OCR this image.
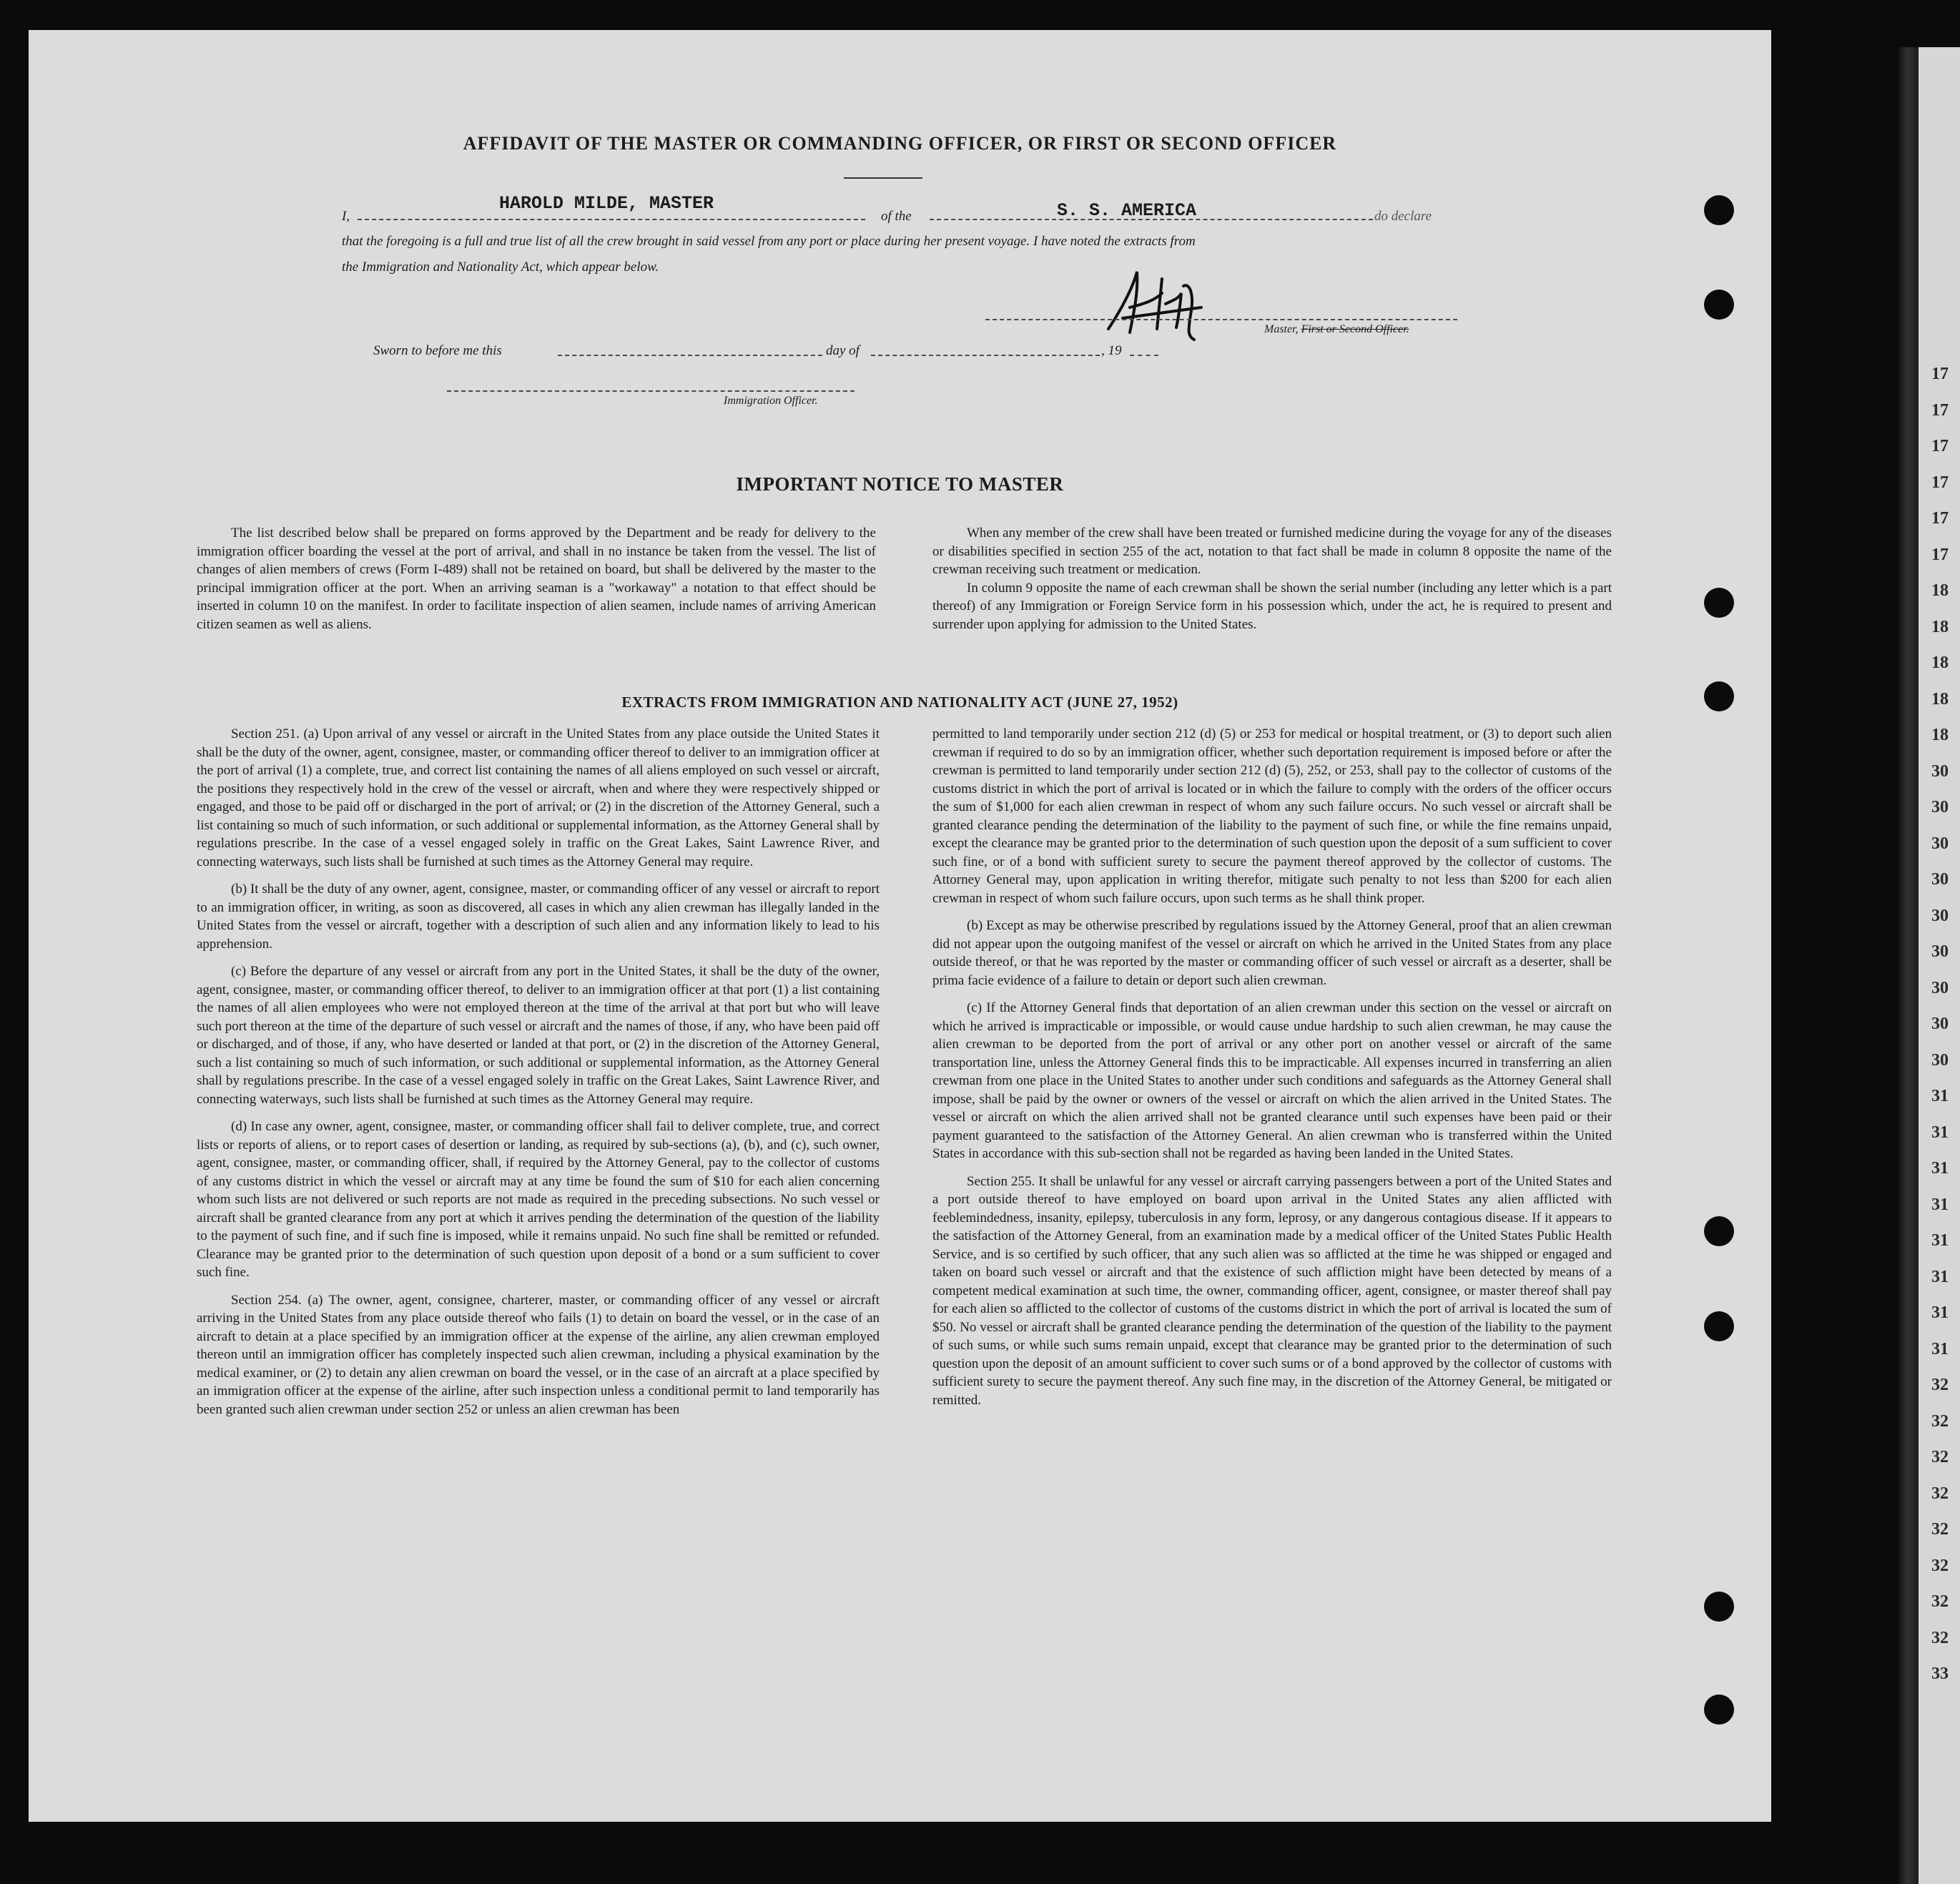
17
17
17
17
17
17
18
18
18
18
18
30
30
30
30
30
30
30
30
30
31
31
31
31
31
31
31
31
32
32
32
32
32
32
32
32
33
AFFIDAVIT OF THE MASTER OR COMMANDING OFFICER, OR FIRST OR SECOND OFFICER
I,
HAROLD MILDE, MASTER
of the	S. S. AMERICA	do declare
that the foregoing is a full and true list of all the crew brought in said vessel from any port or place during her present voyage. I have noted the extracts from
the Immigration and Nationality Act, which appear below.
Master, First or Second Officer.
Sworn to before me this	day of	, 19
Immigration Officer.
IMPORTANT NOTICE TO MASTER

The list described below shall be prepared on forms approved by the Department and be ready for delivery to the immigration officer boarding the vessel at the port of arrival, and shall in no instance be taken from the vessel. The list of changes of alien members of crews (Form I-489) shall not be retained on board, but shall be delivered by the master to the principal immigration officer at the port. When an arriving seaman is a "workaway" a notation to that effect should be inserted in column 10 on the manifest. In order to facilitate inspection of alien seamen, include names of arriving American citizen seamen as well as aliens.

When any member of the crew shall have been treated or furnished medicine during the voyage for any of the diseases or disabilities specified in section 255 of the act, notation to that fact shall be made in column 8 opposite the name of the crewman receiving such treatment or medication.

In column 9 opposite the name of each crewman shall be shown the serial number (including any letter which is a part thereof) of any Immigration or Foreign Service form in his possession which, under the act, he is required to present and surrender upon applying for admission to the United States.

EXTRACTS FROM IMMIGRATION AND NATIONALITY ACT (JUNE 27, 1952)

Section 251. (a) Upon arrival of any vessel or aircraft in the United States from any place outside the United States it shall be the duty of the owner, agent, consignee, master, or commanding officer thereof to deliver to an immigration officer at the port of arrival (1) a complete, true, and correct list containing the names of all aliens employed on such vessel or aircraft, the positions they respectively hold in the crew of the vessel or aircraft, when and where they were respectively shipped or engaged, and those to be paid off or discharged in the port of arrival; or (2) in the discretion of the Attorney General, such a list containing so much of such information, or such additional or supplemental information, as the Attorney General shall by regulations prescribe. In the case of a vessel engaged solely in traffic on the Great Lakes, Saint Lawrence River, and connecting waterways, such lists shall be furnished at such times as the Attorney General may require.

(b) It shall be the duty of any owner, agent, consignee, master, or commanding officer of any vessel or aircraft to report to an immigration officer, in writing, as soon as discovered, all cases in which any alien crewman has illegally landed in the United States from the vessel or aircraft, together with a description of such alien and any information likely to lead to his apprehension.

(c) Before the departure of any vessel or aircraft from any port in the United States, it shall be the duty of the owner, agent, consignee, master, or commanding officer thereof, to deliver to an immigration officer at that port (1) a list containing the names of all alien employees who were not employed thereon at the time of the arrival at that port but who will leave such port thereon at the time of the departure of such vessel or aircraft and the names of those, if any, who have been paid off or discharged, and of those, if any, who have deserted or landed at that port, or (2) in the discretion of the Attorney General, such a list containing so much of such information, or such additional or supplemental information, as the Attorney General shall by regulations prescribe. In the case of a vessel engaged solely in traffic on the Great Lakes, Saint Lawrence River, and connecting waterways, such lists shall be furnished at such times as the Attorney General may require.

(d) In case any owner, agent, consignee, master, or commanding officer shall fail to deliver complete, true, and correct lists or reports of aliens, or to report cases of desertion or landing, as required by sub-sections (a), (b), and (c), such owner, agent, consignee, master, or commanding officer, shall, if required by the Attorney General, pay to the collector of customs of any customs district in which the vessel or aircraft may at any time be found the sum of $10 for each alien concerning whom such lists are not delivered or such reports are not made as required in the preceding subsections. No such vessel or aircraft shall be granted clearance from any port at which it arrives pending the determination of the question of the liability to the payment of such fine, and if such fine is imposed, while it remains unpaid. No such fine shall be remitted or refunded. Clearance may be granted prior to the determination of such question upon deposit of a bond or a sum sufficient to cover such fine.

Section 254. (a) The owner, agent, consignee, charterer, master, or commanding officer of any vessel or aircraft arriving in the United States from any place outside thereof who fails (1) to detain on board the vessel, or in the case of an aircraft to detain at a place specified by an immigration officer at the expense of the airline, any alien crewman employed thereon until an immigration officer has completely inspected such alien crewman, including a physical examination by the medical examiner, or (2) to detain any alien crewman on board the vessel, or in the case of an aircraft at a place specified by an immigration officer at the expense of the airline, after such inspection unless a conditional permit to land temporarily has been granted such alien crewman under section 252 or unless an alien crewman has been

permitted to land temporarily under section 212 (d) (5) or 253 for medical or hospital treatment, or (3) to deport such alien crewman if required to do so by an immigration officer, whether such deportation requirement is imposed before or after the crewman is permitted to land temporarily under section 212 (d) (5), 252, or 253, shall pay to the collector of customs of the customs district in which the port of arrival is located or in which the failure to comply with the orders of the officer occurs the sum of $1,000 for each alien crewman in respect of whom any such failure occurs. No such vessel or aircraft shall be granted clearance pending the determination of the liability to the payment of such fine, or while the fine remains unpaid, except the clearance may be granted prior to the determination of such question upon the deposit of a sum sufficient to cover such fine, or of a bond with sufficient surety to secure the payment thereof approved by the collector of customs. The Attorney General may, upon application in writing therefor, mitigate such penalty to not less than $200 for each alien crewman in respect of whom such failure occurs, upon such terms as he shall think proper.

(b) Except as may be otherwise prescribed by regulations issued by the Attorney General, proof that an alien crewman did not appear upon the outgoing manifest of the vessel or aircraft on which he arrived in the United States from any place outside thereof, or that he was reported by the master or commanding officer of such vessel or aircraft as a deserter, shall be prima facie evidence of a failure to detain or deport such alien crewman.

(c) If the Attorney General finds that deportation of an alien crewman under this section on the vessel or aircraft on which he arrived is impracticable or impossible, or would cause undue hardship to such alien crewman, he may cause the alien crewman to be deported from the port of arrival or any other port on another vessel or aircraft of the same transportation line, unless the Attorney General finds this to be impracticable. All expenses incurred in transferring an alien crewman from one place in the United States to another under such conditions and safeguards as the Attorney General shall impose, shall be paid by the owner or owners of the vessel or aircraft on which the alien arrived in the United States. The vessel or aircraft on which the alien arrived shall not be granted clearance until such expenses have been paid or their payment guaranteed to the satisfaction of the Attorney General. An alien crewman who is transferred within the United States in accordance with this sub-section shall not be regarded as having been landed in the United States.

Section 255. It shall be unlawful for any vessel or aircraft carrying passengers between a port of the United States and a port outside thereof to have employed on board upon arrival in the United States any alien afflicted with feeblemindedness, insanity, epilepsy, tuberculosis in any form, leprosy, or any dangerous contagious disease. If it appears to the satisfaction of the Attorney General, from an examination made by a medical officer of the United States Public Health Service, and is so certified by such officer, that any such alien was so afflicted at the time he was shipped or engaged and taken on board such vessel or aircraft and that the existence of such affliction might have been detected by means of a competent medical examination at such time, the owner, commanding officer, agent, consignee, or master thereof shall pay for each alien so afflicted to the collector of customs of the customs district in which the port of arrival is located the sum of $50. No vessel or aircraft shall be granted clearance pending the determination of the question of the liability to the payment of such sums, or while such sums remain unpaid, except that clearance may be granted prior to the determination of such question upon the deposit of an amount sufficient to cover such sums or of a bond approved by the collector of customs with sufficient surety to secure the payment thereof. Any such fine may, in the discretion of the Attorney General, be mitigated or remitted.
